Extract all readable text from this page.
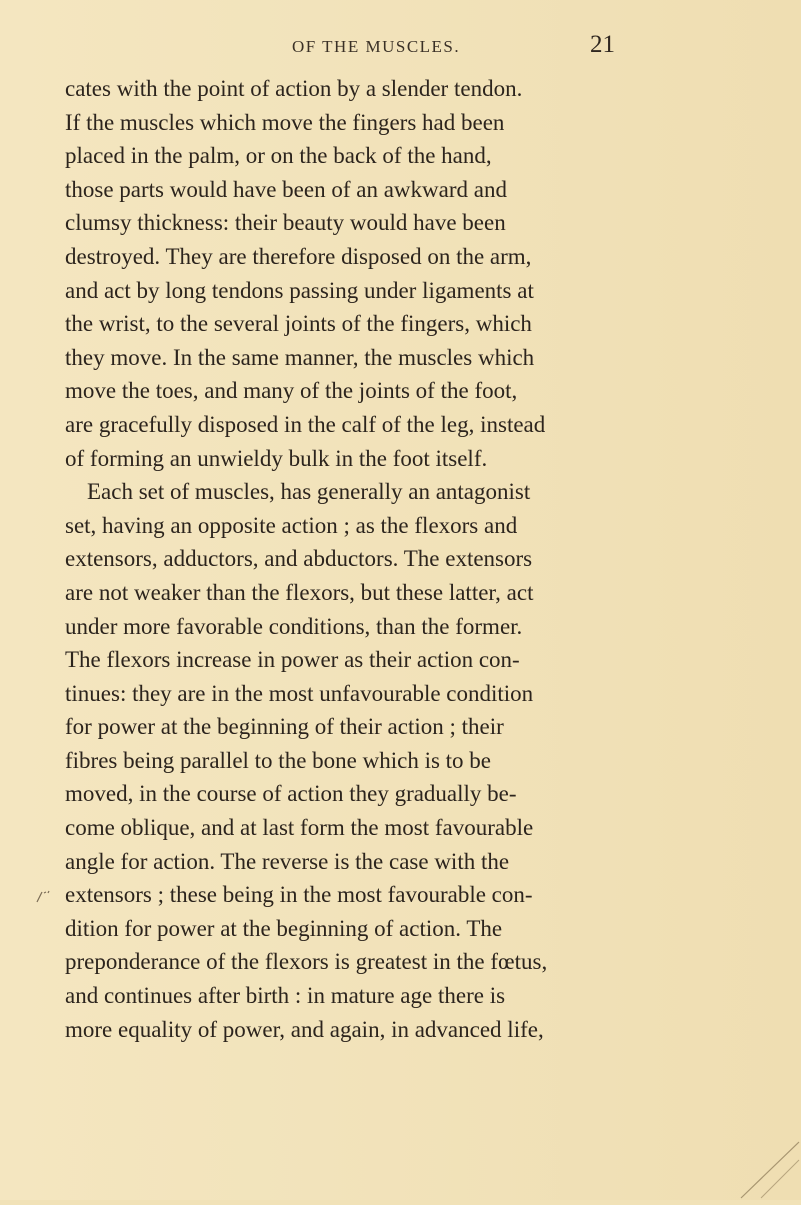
OF THE MUSCLES.	21
cates with the point of action by a slender tendon.
If the muscles which move the fingers had been
placed in the palm, or on the back of the hand,
those parts would have been of an awkward and
clumsy thickness: their beauty would have been
destroyed. They are therefore disposed on the arm,
and act by long tendons passing under ligaments at
the wrist, to the several joints of the fingers, which
they move. In the same manner, the muscles which
move the toes, and many of the joints of the foot,
are gracefully disposed in the calf of the leg, instead
of forming an unwieldy bulk in the foot itself.
Each set of muscles, has generally an antagonist
set, having an opposite action ; as the flexors and
extensors, adductors, and abductors. The extensors
are not weaker than the flexors, but these latter, act
under more favorable conditions, than the former.
The flexors increase in power as their action con-
tinues: they are in the most unfavourable condition
for power at the beginning of their action ; their
fibres being parallel to the bone which is to be
moved, in the course of action they gradually be-
come oblique, and at last form the most favourable
angle for action. The reverse is the case with the
extensors ; these being in the most favourable con-
dition for power at the beginning of action. The
preponderance of the flexors is greatest in the fœtus,
and continues after birth : in mature age there is
more equality of power, and again, in advanced life,
